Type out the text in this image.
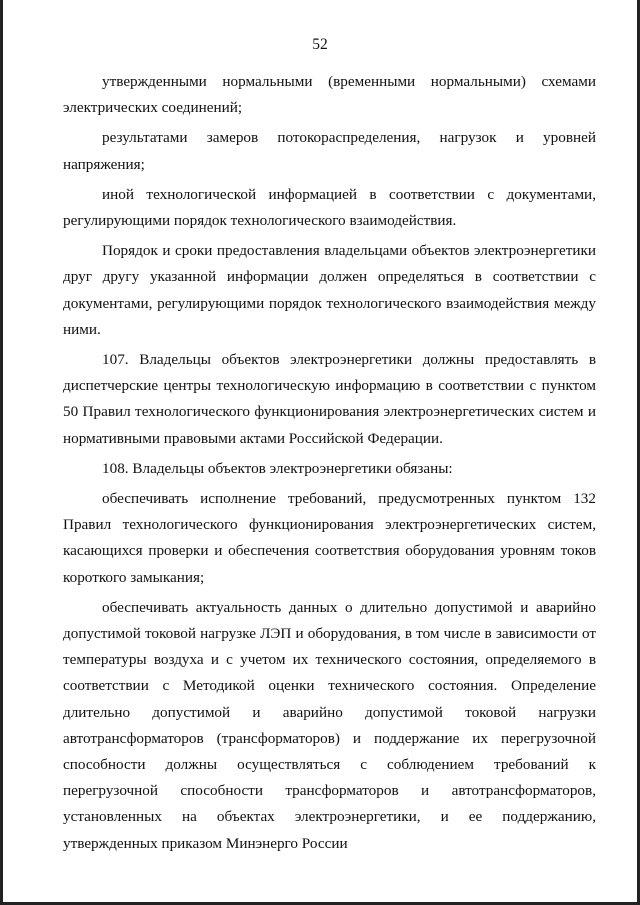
52

утвержденными нормальными (временными нормальными) схемами электрических соединений;

результатами замеров потокораспределения, нагрузок и уровней напряжения;

иной технологической информацией в соответствии с документами, регулирующими порядок технологического взаимодействия.

Порядок и сроки предоставления владельцами объектов электроэнергетики друг другу указанной информации должен определяться в соответствии с документами, регулирующими порядок технологического взаимодействия между ними.

107. Владельцы объектов электроэнергетики должны предоставлять в диспетчерские центры технологическую информацию в соответствии с пунктом 50 Правил технологического функционирования электроэнергетических систем и нормативными правовыми актами Российской Федерации.

108. Владельцы объектов электроэнергетики обязаны:

обеспечивать исполнение требований, предусмотренных пунктом 132 Правил технологического функционирования электроэнергетических систем, касающихся проверки и обеспечения соответствия оборудования уровням токов короткого замыкания;

обеспечивать актуальность данных о длительно допустимой и аварийно допустимой токовой нагрузке ЛЭП и оборудования, в том числе в зависимости от температуры воздуха и с учетом их технического состояния, определяемого в соответствии с Методикой оценки технического состояния. Определение длительно допустимой и аварийно допустимой токовой нагрузки автотрансформаторов (трансформаторов) и поддержание их перегрузочной способности должны осуществляться с соблюдением требований к перегрузочной способности трансформаторов и автотрансформаторов, установленных на объектах электроэнергетики, и ее поддержанию, утвержденных приказом Минэнерго России
